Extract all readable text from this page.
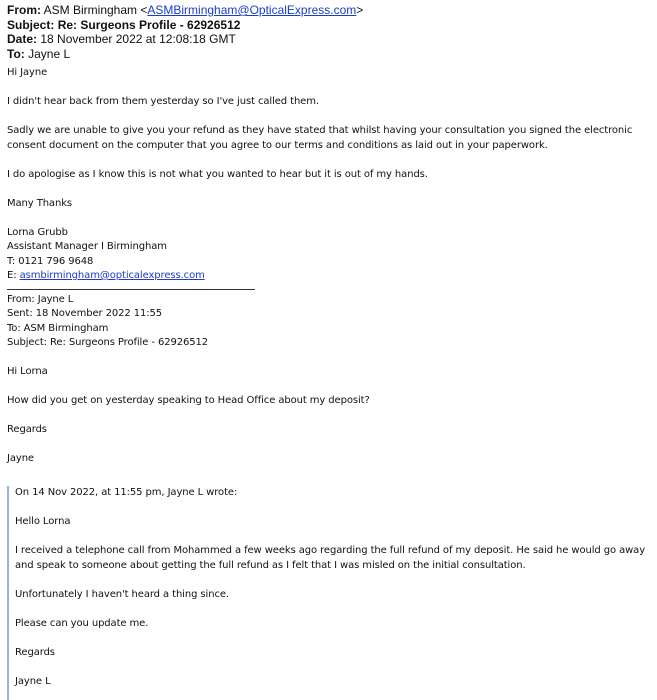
From: ASM Birmingham <ASMBirmingham@OpticalExpress.com>
Subject: Re: Surgeons Profile - 62926512
Date: 18 November 2022 at 12:08:18 GMT
To: Jayne L

Hi Jayne

I didn't hear back from them yesterday so I've just called them.

Sadly we are unable to give you your refund as they have stated that whilst having your consultation you signed the electronic

consent document on the computer that you agree to our terms and conditions as laid out in your paperwork.

I do apologise as I know this is not what you wanted to hear but it is out of my hands.

Many Thanks

Lorna Grubb

Assistant Manager I Birmingham

T: 0121 796 9648

E: asmbirmingham@opticalexpress.com

From: Jayne L

Sent: 18 November 2022 11:55

To: ASM Birmingham

Subject: Re: Surgeons Profile - 62926512

Hi Lorna

How did you get on yesterday speaking to Head Office about my deposit?

Regards

Jayne

On 14 Nov 2022, at 11:55 pm, Jayne L wrote:

Hello Lorna

I received a telephone call from Mohammed a few weeks ago regarding the full refund of my deposit. He said he would go away

and speak to someone about getting the full refund as I felt that I was misled on the initial consultation.

Unfortunately I haven't heard a thing since.

Please can you update me.

Regards

Jayne L
